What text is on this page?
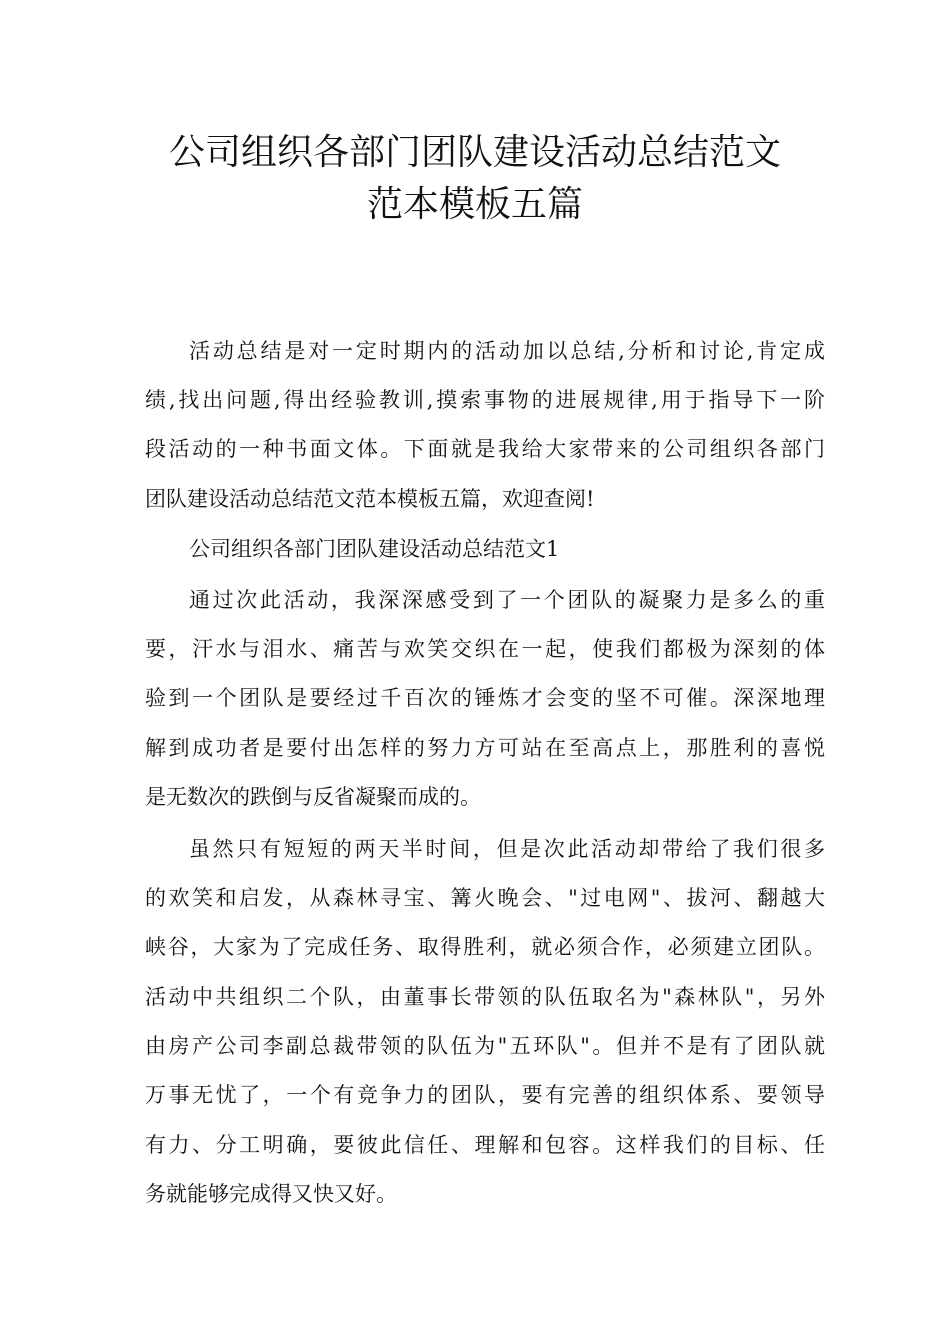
公司组织各部门团队建设活动总结范文
范本模板五篇
活动总结是对一定时期内的活动加以总结,分析和讨论,肯定成
绩,找出问题,得出经验教训,摸索事物的进展规律,用于指导下一阶
段活动的一种书面文体。下面就是我给大家带来的公司组织各部门
团队建设活动总结范文范本模板五篇，欢迎查阅!
公司组织各部门团队建设活动总结范文1
通过次此活动，我深深感受到了一个团队的凝聚力是多么的重
要，汗水与泪水、痛苦与欢笑交织在一起，使我们都极为深刻的体
验到一个团队是要经过千百次的锤炼才会变的坚不可催。深深地理
解到成功者是要付出怎样的努力方可站在至高点上，那胜利的喜悦
是无数次的跌倒与反省凝聚而成的。
虽然只有短短的两天半时间，但是次此活动却带给了我们很多
的欢笑和启发，从森林寻宝、篝火晚会、"过电网"、拔河、翻越大
峡谷，大家为了完成任务、取得胜利，就必须合作，必须建立团队。
活动中共组织二个队，由董事长带领的队伍取名为"森林队"，另外
由房产公司李副总裁带领的队伍为"五环队"。但并不是有了团队就
万事无忧了，一个有竞争力的团队，要有完善的组织体系、要领导
有力、分工明确，要彼此信任、理解和包容。这样我们的目标、任
务就能够完成得又快又好。
